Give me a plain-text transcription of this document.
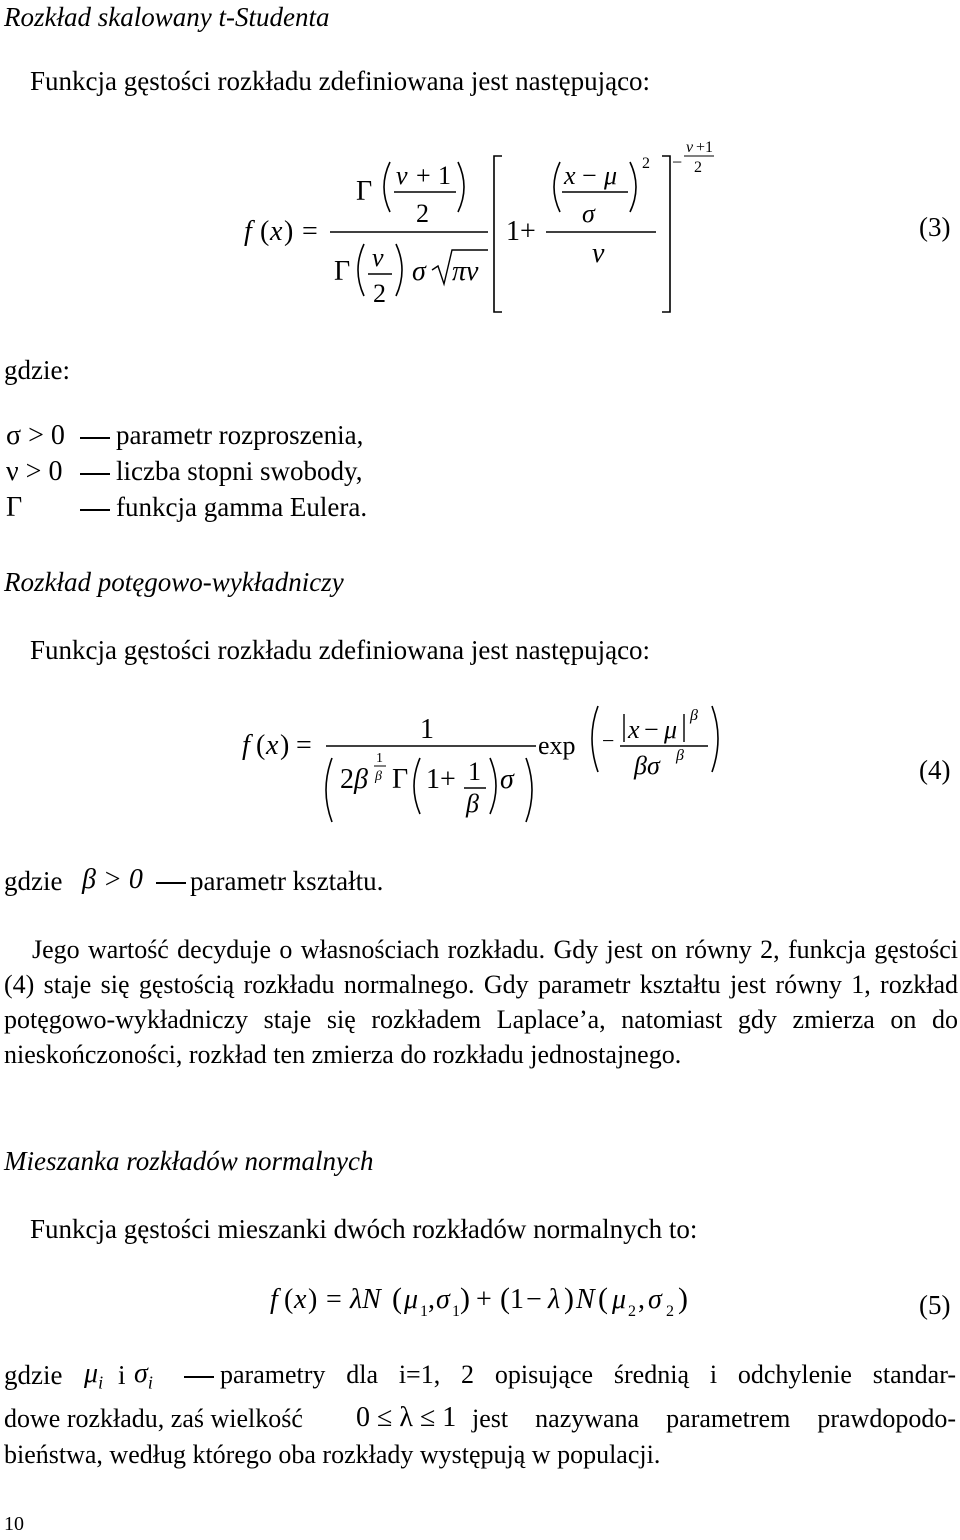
Rozkład skalowany t-Studenta
Funkcja gęstości rozkładu zdefiniowana jest następująco:
f ( x ) =
Γ
ν + 1
2
Γ ν
2
σ πν
1 +
x − μ
σ
2
ν
−
ν +1
2
(3)
gdzie:
σ > 0 parametr rozproszenia,
ν > 0 liczba stopni swobody,
Γ	funkcja gamma Eulera.
Rozkład potęgowo-wykładniczy
Funkcja gęstości rozkładu zdefiniowana jest następująco:
f ( x ) =
1
2 β
1
β Γ 1+ 1
β
σ
exp − x − μ β
βσ β	(4)
gdzie β > 0 parametr kształtu.
Jego wartość decyduje o własnościach rozkładu. Gdy jest on równy 2, funkcja gęstości (4) staje się gęstością rozkładu normalnego. Gdy parametr kształtu jest równy 1, rozkład potęgowo-wykładniczy staje się rozkładem Laplace’a, natomiast gdy zmierza on do nieskończoności, rozkład ten zmierza do rozkładu jednostajnego.
Mieszanka rozkładów normalnych
Funkcja gęstości mieszanki dwóch rozkładów normalnych to:
f ( x ) = λN ( μ 1 , σ 1 ) + ( 1 − λ ) N ( μ 2 , σ 2 )	(5)
gdzie $\mu_i$ i $\sigma_i$	parametry dla i=1, 2 opisujące średnią i odchylenie standar-
dowe rozkładu, zaś wielkość 0 ≤ λ ≤ 1 jest nazywana parametrem prawdopodo-
bieństwa, według którego oba rozkłady występują w populacji.
10
